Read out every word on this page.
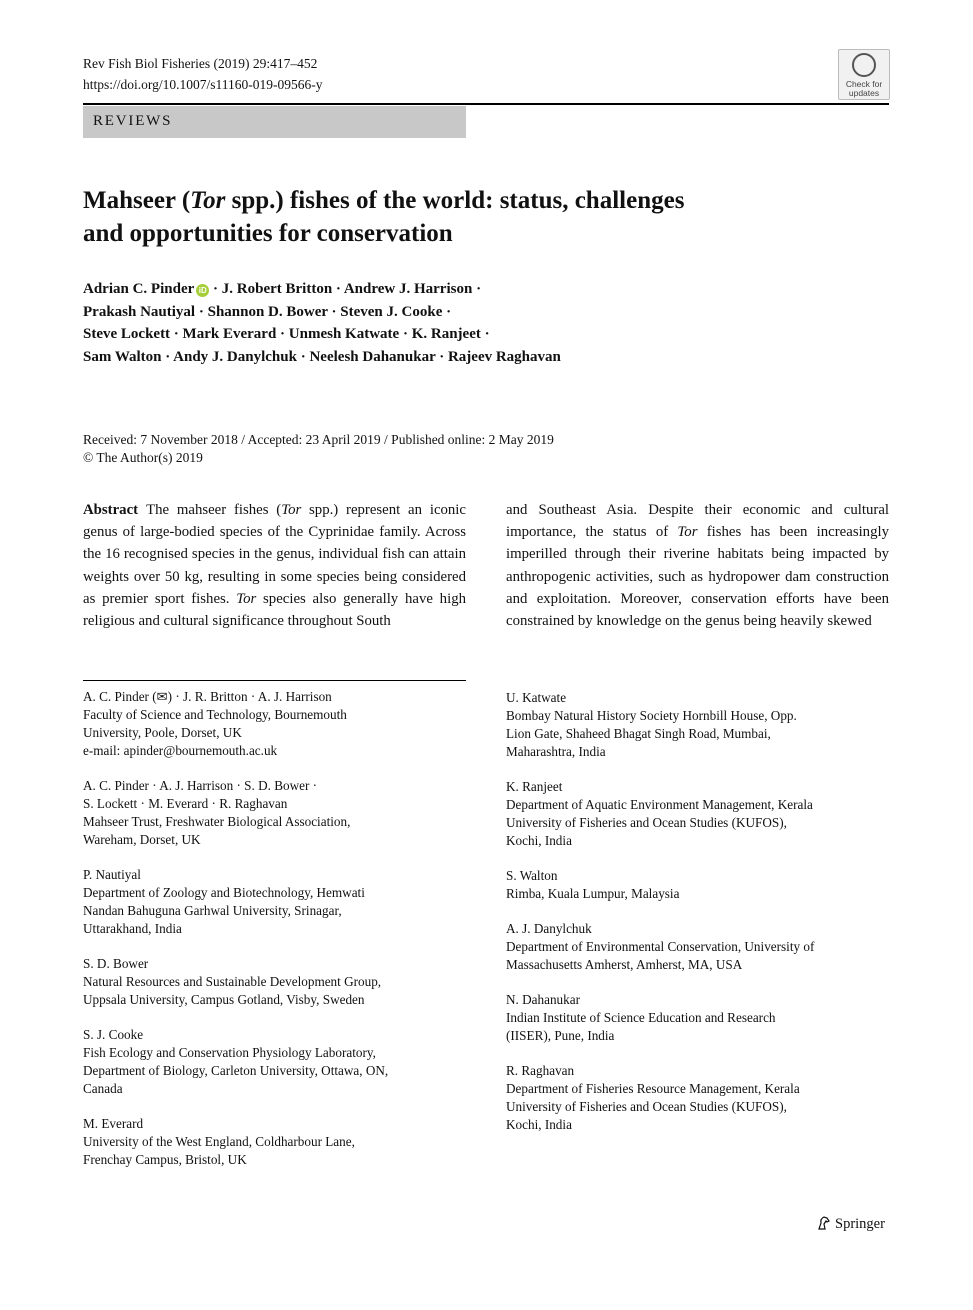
Rev Fish Biol Fisheries (2019) 29:417–452
https://doi.org/10.1007/s11160-019-09566-y	Check for
updates
REVIEWS
Mahseer (Tor spp.) fishes of the world: status, challenges
and opportunities for conservation
Adrian C. Pinder iD · J. Robert Britton · Andrew J. Harrison ·
Prakash Nautiyal · Shannon D. Bower · Steven J. Cooke ·
Steve Lockett · Mark Everard · Unmesh Katwate · K. Ranjeet ·
Sam Walton · Andy J. Danylchuk · Neelesh Dahanukar · Rajeev Raghavan
Received: 7 November 2018 / Accepted: 23 April 2019 / Published online: 2 May 2019
© The Author(s) 2019
Abstract The mahseer fishes (Tor spp.) represent an iconic genus of large-bodied species of the Cyprinidae family. Across the 16 recognised species in the genus, individual fish can attain weights over 50 kg, resulting in some species being considered as premier sport fishes. Tor species also generally have high religious and cultural significance throughout South
and Southeast Asia. Despite their economic and cultural importance, the status of Tor fishes has been increasingly imperilled through their riverine habitats being impacted by anthropogenic activities, such as hydropower dam construction and exploitation. Moreover, conservation efforts have been constrained by knowledge on the genus being heavily skewed
A. C. Pinder (✉) · J. R. Britton · A. J. Harrison
Faculty of Science and Technology, Bournemouth
University, Poole, Dorset, UK
e-mail: apinder@bournemouth.ac.uk
A. C. Pinder · A. J. Harrison · S. D. Bower ·
S. Lockett · M. Everard · R. Raghavan
Mahseer Trust, Freshwater Biological Association,
Wareham, Dorset, UK
P. Nautiyal
Department of Zoology and Biotechnology, Hemwati
Nandan Bahuguna Garhwal University, Srinagar,
Uttarakhand, India
S. D. Bower
Natural Resources and Sustainable Development Group,
Uppsala University, Campus Gotland, Visby, Sweden
S. J. Cooke
Fish Ecology and Conservation Physiology Laboratory,
Department of Biology, Carleton University, Ottawa, ON,
Canada
M. Everard
University of the West England, Coldharbour Lane,
Frenchay Campus, Bristol, UK
U. Katwate
Bombay Natural History Society Hornbill House, Opp.
Lion Gate, Shaheed Bhagat Singh Road, Mumbai,
Maharashtra, India
K. Ranjeet
Department of Aquatic Environment Management, Kerala
University of Fisheries and Ocean Studies (KUFOS),
Kochi, India
S. Walton
Rimba, Kuala Lumpur, Malaysia
A. J. Danylchuk
Department of Environmental Conservation, University of
Massachusetts Amherst, Amherst, MA, USA
N. Dahanukar
Indian Institute of Science Education and Research
(IISER), Pune, India
R. Raghavan
Department of Fisheries Resource Management, Kerala
University of Fisheries and Ocean Studies (KUFOS),
Kochi, India
Springer
